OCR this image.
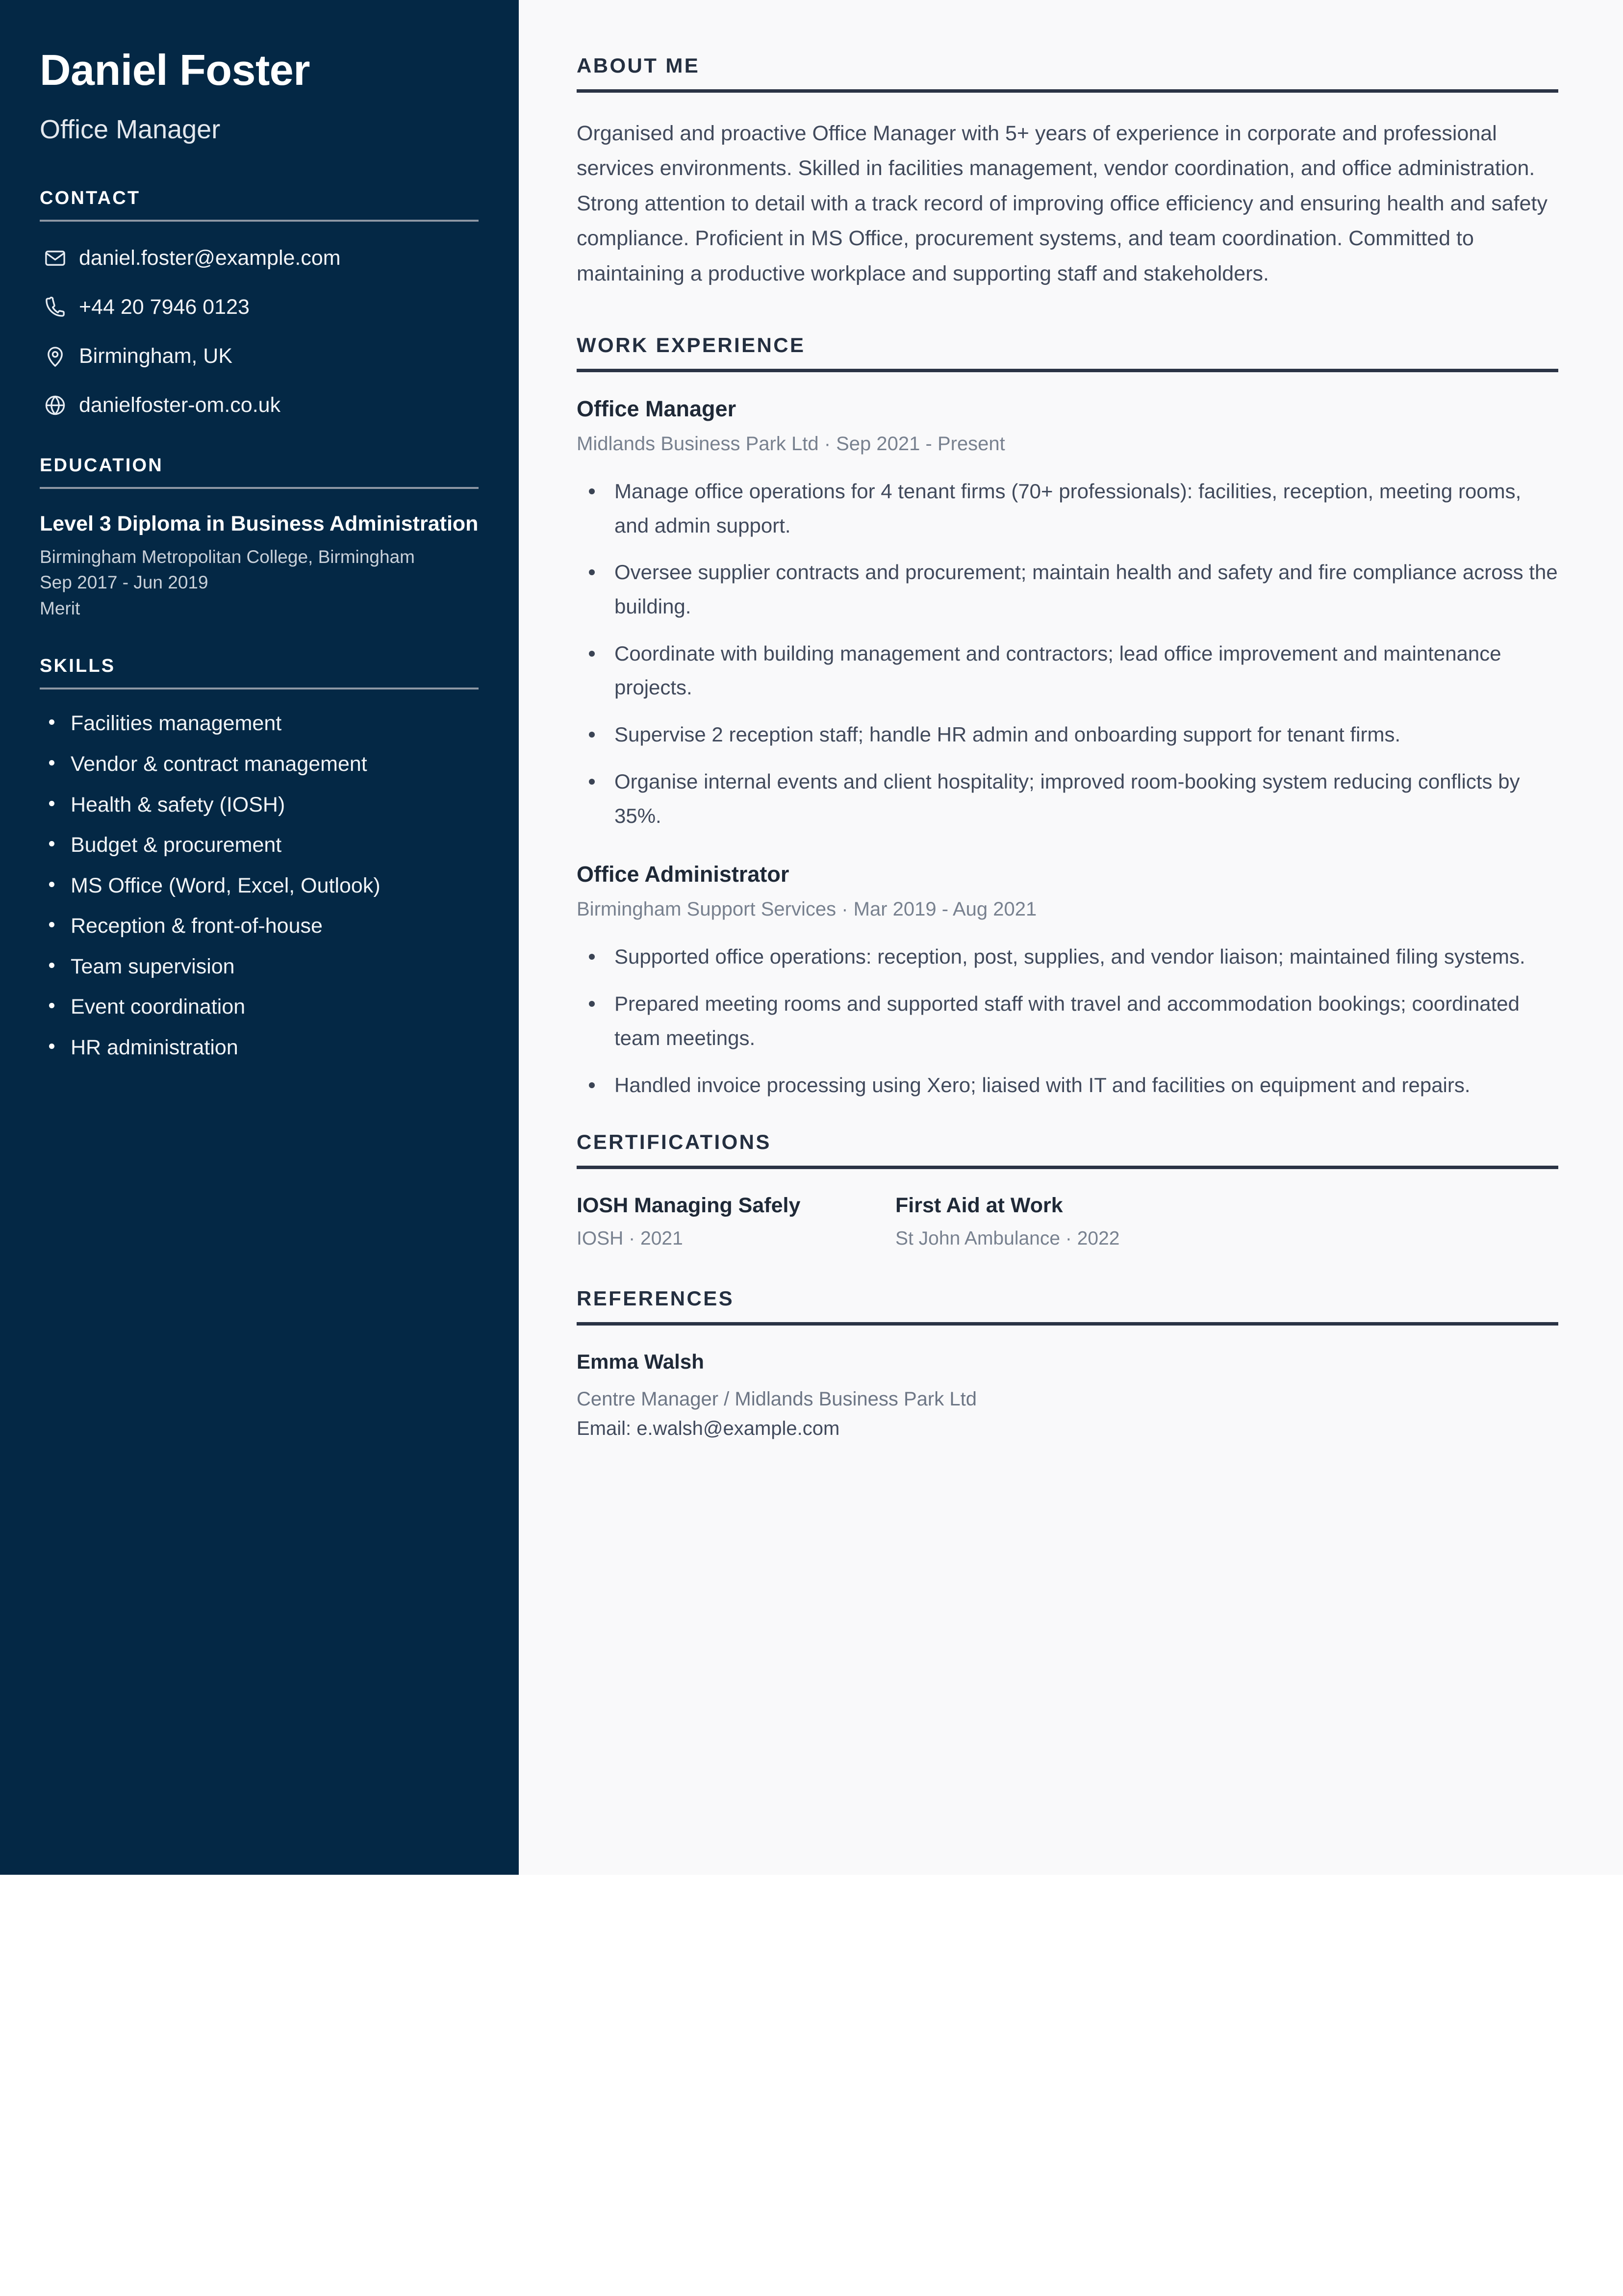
Daniel Foster
Office Manager
CONTACT
daniel.foster@example.com
+44 20 7946 0123
Birmingham, UK
danielfoster-om.co.uk
EDUCATION
Level 3 Diploma in Business Administration
Birmingham Metropolitan College, Birmingham
Sep 2017 - Jun 2019
Merit
SKILLS
Facilities management
Vendor & contract management
Health & safety (IOSH)
Budget & procurement
MS Office (Word, Excel, Outlook)
Reception & front-of-house
Team supervision
Event coordination
HR administration
ABOUT ME

Organised and proactive Office Manager with 5+ years of experience in corporate and professional services environments. Skilled in facilities management, vendor coordination, and office administration. Strong attention to detail with a track record of improving office efficiency and ensuring health and safety compliance. Proficient in MS Office, procurement systems, and team coordination. Committed to maintaining a productive workplace and supporting staff and stakeholders.

WORK EXPERIENCE
Office Manager
Midlands Business Park Ltd · Sep 2021 - Present
Manage office operations for 4 tenant firms (70+ professionals): facilities, reception, meeting rooms, and admin support.
Oversee supplier contracts and procurement; maintain health and safety and fire compliance across the building.
Coordinate with building management and contractors; lead office improvement and maintenance projects.
Supervise 2 reception staff; handle HR admin and onboarding support for tenant firms.
Organise internal events and client hospitality; improved room-booking system reducing conflicts by 35%.
Office Administrator
Birmingham Support Services · Mar 2019 - Aug 2021
Supported office operations: reception, post, supplies, and vendor liaison; maintained filing systems.
Prepared meeting rooms and supported staff with travel and accommodation bookings; coordinated team meetings.
Handled invoice processing using Xero; liaised with IT and facilities on equipment and repairs.
CERTIFICATIONS
IOSH Managing Safely
IOSH · 2021
First Aid at Work
St John Ambulance · 2022
REFERENCES
Emma Walsh
Centre Manager / Midlands Business Park Ltd
Email: e.walsh@example.com
